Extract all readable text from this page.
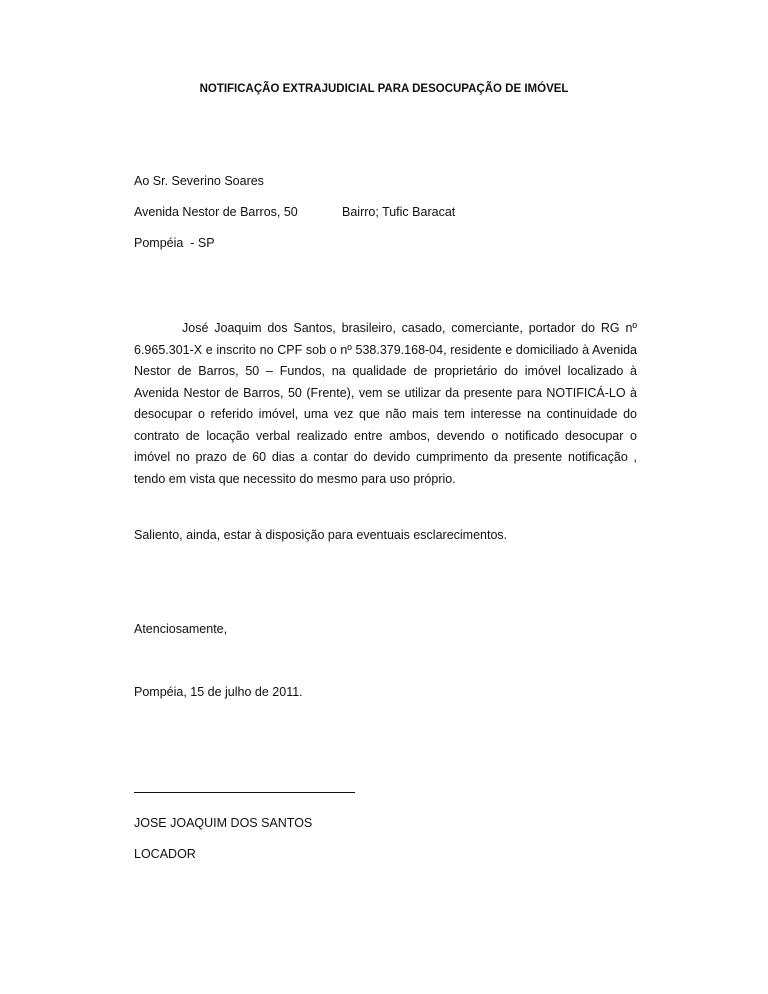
NOTIFICAÇÃO EXTRAJUDICIAL PARA DESOCUPAÇÃO DE IMÓVEL
Ao Sr. Severino Soares
Avenida Nestor de Barros, 50	Bairro; Tufic Baracat
Pompéia  - SP

José Joaquim dos Santos, brasileiro, casado, comerciante, portador do RG nº 6.965.301-X e inscrito no CPF sob o nº 538.379.168-04, residente e domiciliado à Avenida Nestor de Barros, 50 – Fundos, na qualidade de proprietário do imóvel localizado à Avenida Nestor de Barros, 50 (Frente), vem se utilizar da presente para NOTIFICÁ-LO à desocupar o referido imóvel, uma vez que não mais tem interesse na continuidade do contrato de locação verbal realizado entre ambos, devendo o notificado desocupar o imóvel no prazo de 60 dias a contar do devido cumprimento da presente notificação , tendo em vista que necessito do mesmo para uso próprio.

Saliento, ainda, estar à disposição para eventuais esclarecimentos.
Atenciosamente,
Pompéia, 15 de julho de 2011.
JOSE JOAQUIM DOS SANTOS
LOCADOR
